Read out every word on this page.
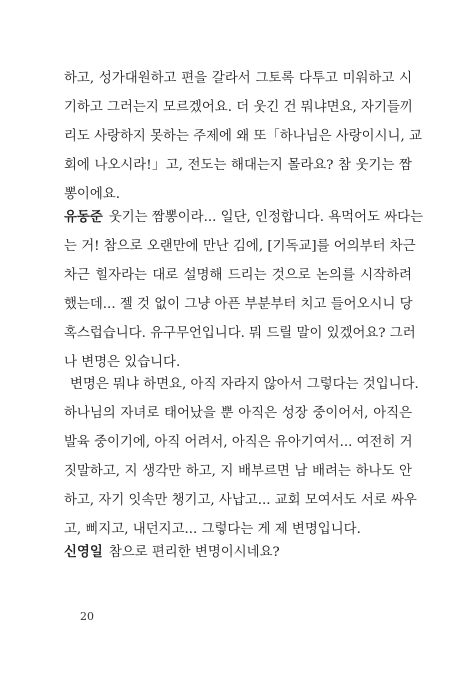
하고, 성가대원하고 편을 갈라서 그토록 다투고 미워하고 시
기하고 그러는지 모르겠어요. 더 웃긴 건 뭐냐면요, 자기들끼
리도 사랑하지 못하는 주제에 왜 또「하나님은 사랑이시니, 교
회에 나오시라!」고, 전도는 해대는지 몰라요? 참 웃기는 짬
뽕이에요.

유동준 웃기는 짬뽕이라... 일단, 인정합니다. 욕먹어도 싸다는
는 거! 참으로 오랜만에 만난 김에, [기독교]를 어의부터 차근
차근 힐자라는 대로 설명해 드리는 것으로 논의를 시작하려
했는데... 젤 것 없이 그냥 아픈 부분부터 치고 들어오시니 당
혹스럽습니다. 유구무언입니다. 뭐 드릴 말이 있겠어요? 그러
나 변명은 있습니다.

변명은 뭐냐 하면요, 아직 자라지 않아서 그렇다는 것입니다.
하나님의 자녀로 태어났을 뿐 아직은 성장 중이어서, 아직은
발육 중이기에, 아직 어려서, 아직은 유아기여서... 여전히 거
짓말하고, 지 생각만 하고, 지 배부르면 남 배려는 하나도 안
하고, 자기 잇속만 챙기고, 사납고... 교회 모여서도 서로 싸우
고, 삐지고, 내던지고... 그렇다는 게 제 변명입니다.

신영일 참으로 편리한 변명이시네요?

20
